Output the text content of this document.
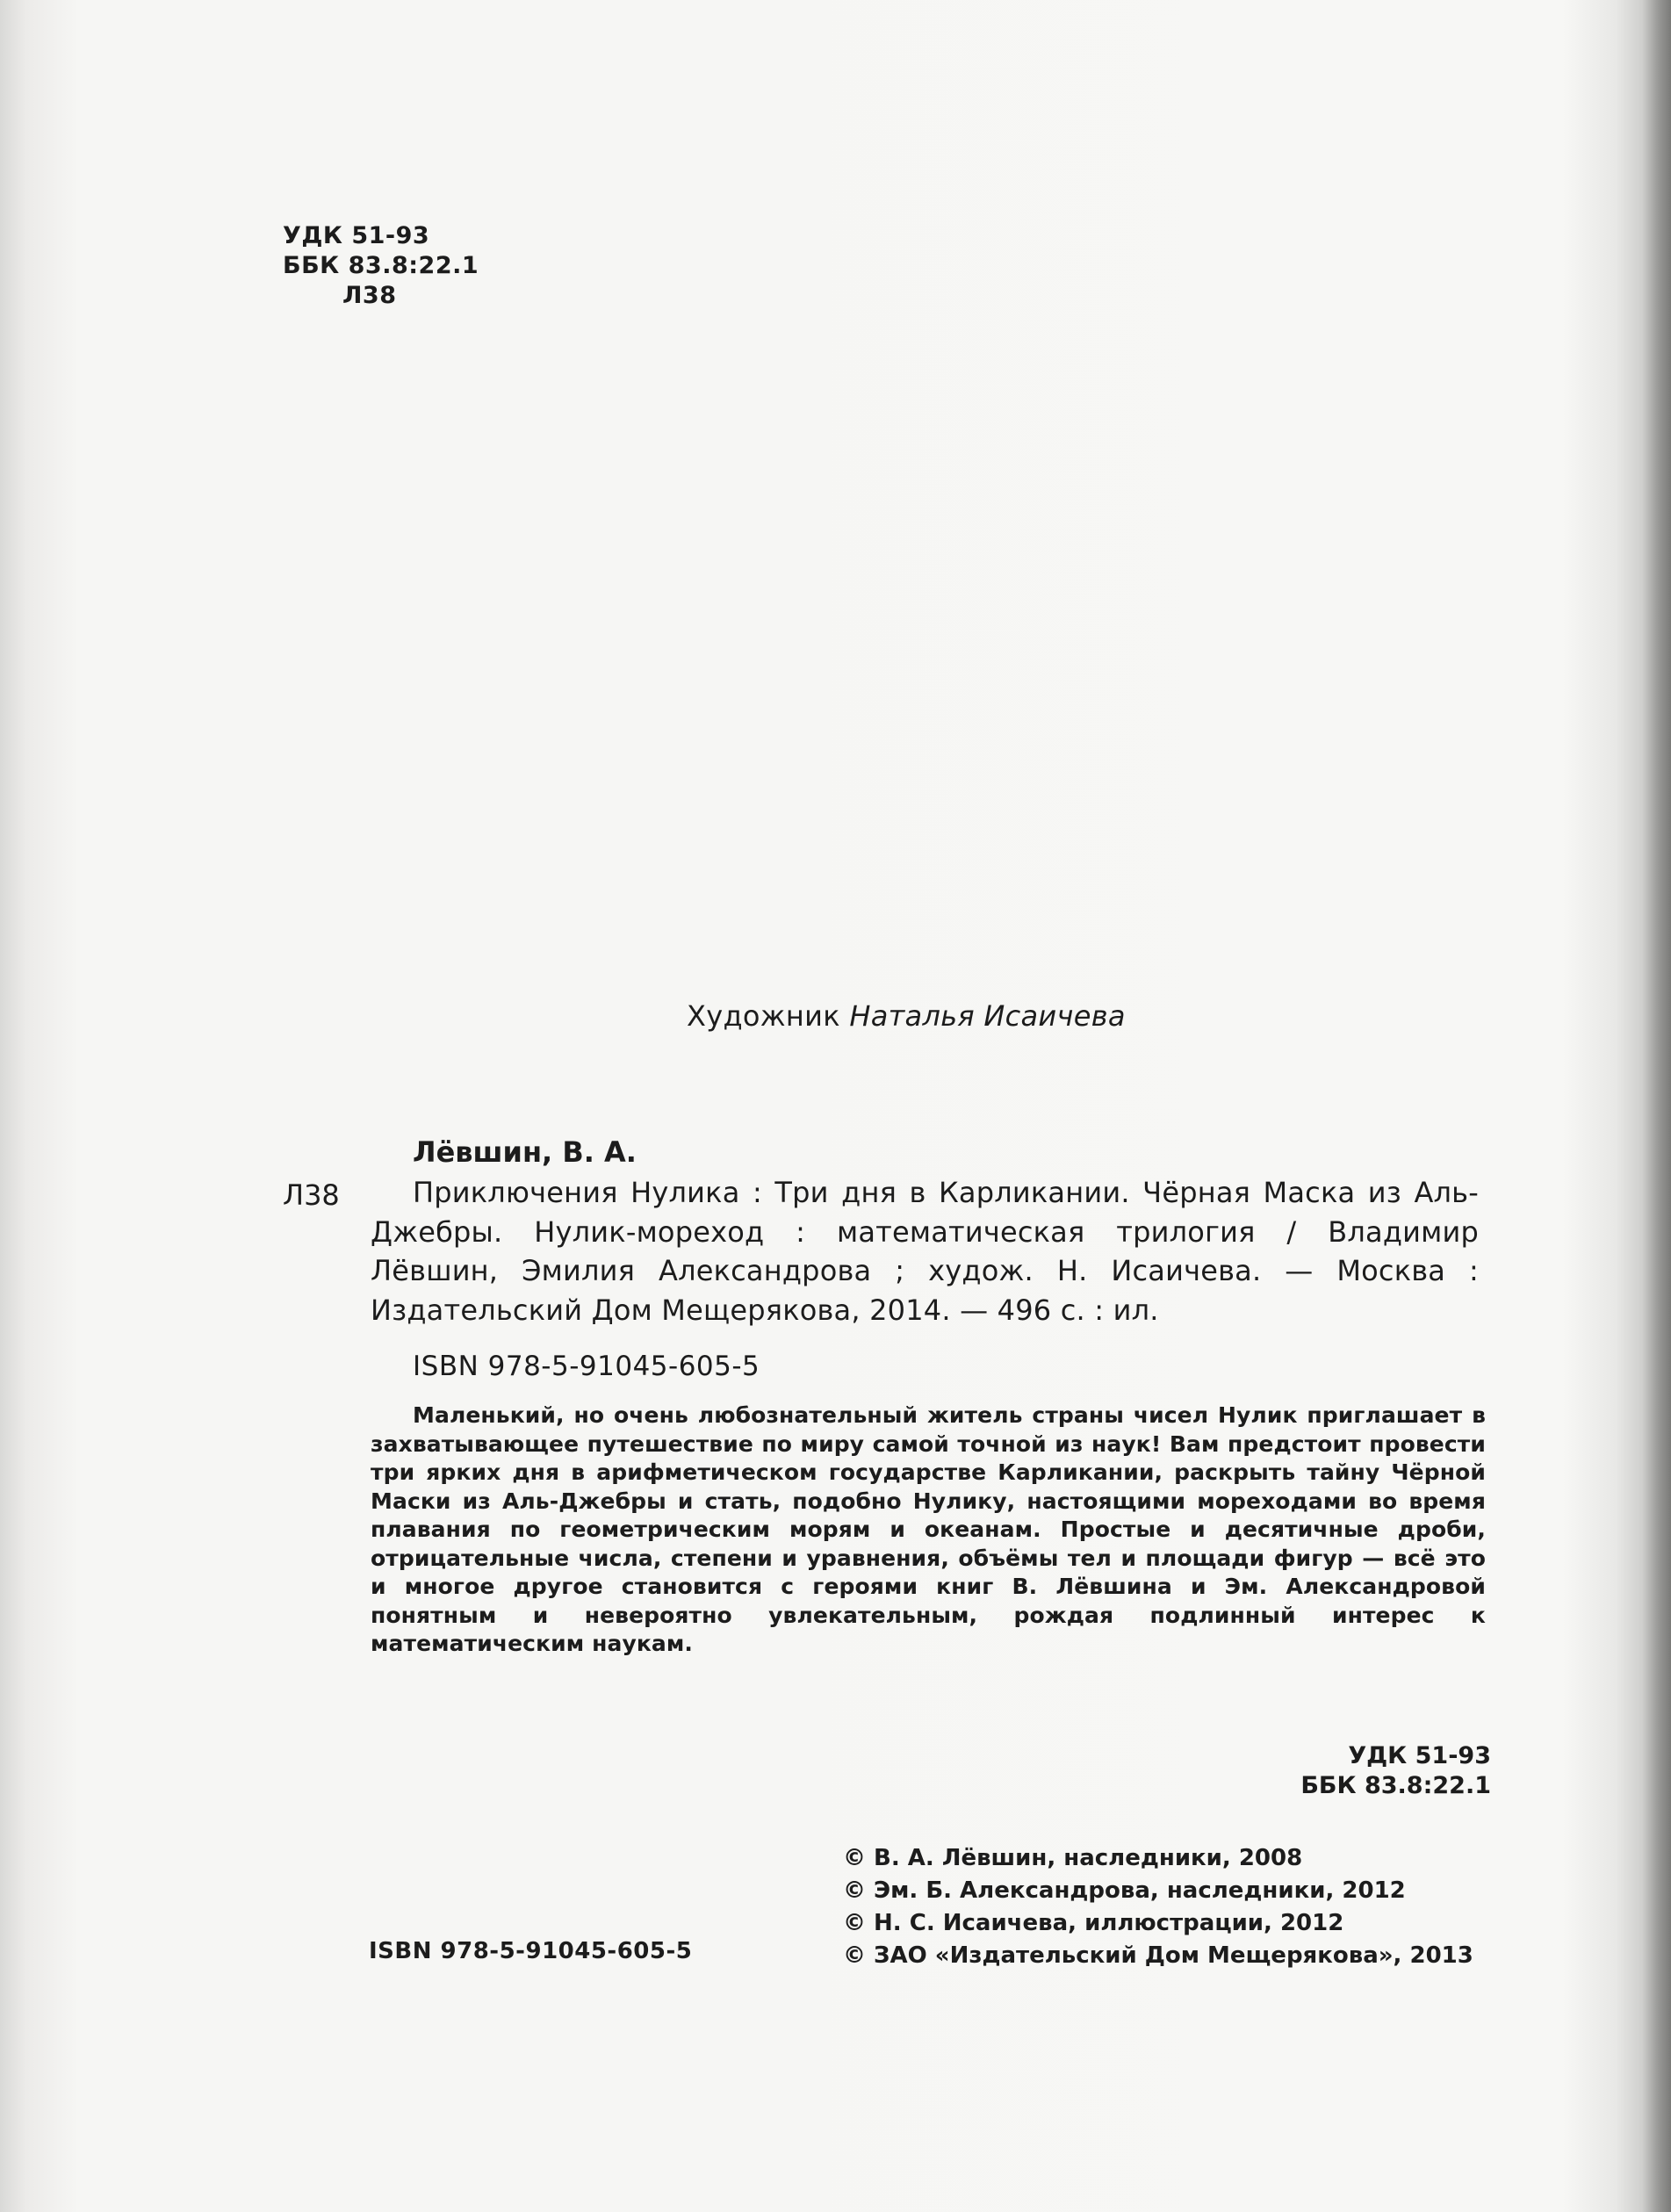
УДК 51-93
ББК 83.8:22.1
Л38
Художник Наталья Исаичева
Лёвшин, В. А.
Л38	Приключения Нулика : Три дня в Карликании. Чёрная Маска из Аль-Джебры. Нулик-мореход : математическая трилогия / Владимир Лёвшин, Эмилия Александрова ; худож. Н. Исаичева. — Москва : Издательский Дом Мещерякова, 2014. — 496 с. : ил.
ISBN 978-5-91045-605-5
Маленький, но очень любознательный житель страны чисел Нулик приглашает в захватывающее путешествие по миру самой точной из наук! Вам предстоит провести три ярких дня в арифметическом государстве Карликании, раскрыть тайну Чёрной Маски из Аль-Джебры и стать, подобно Нулику, настоящими мореходами во время плавания по геометрическим морям и океанам. Простые и десятичные дроби, отрицательные числа, степени и уравнения, объёмы тел и площади фигур — всё это и многое другое становится с героями книг В. Лёвшина и Эм. Александровой понятным и невероятно увлекательным, рождая подлинный интерес к математическим наукам.
УДК 51-93
ББК 83.8:22.1
© В. А. Лёвшин, наследники, 2008
© Эм. Б. Александрова, наследники, 2012
© Н. С. Исаичева, иллюстрации, 2012
© ЗАО «Издательский Дом Мещерякова», 2013
ISBN 978-5-91045-605-5
